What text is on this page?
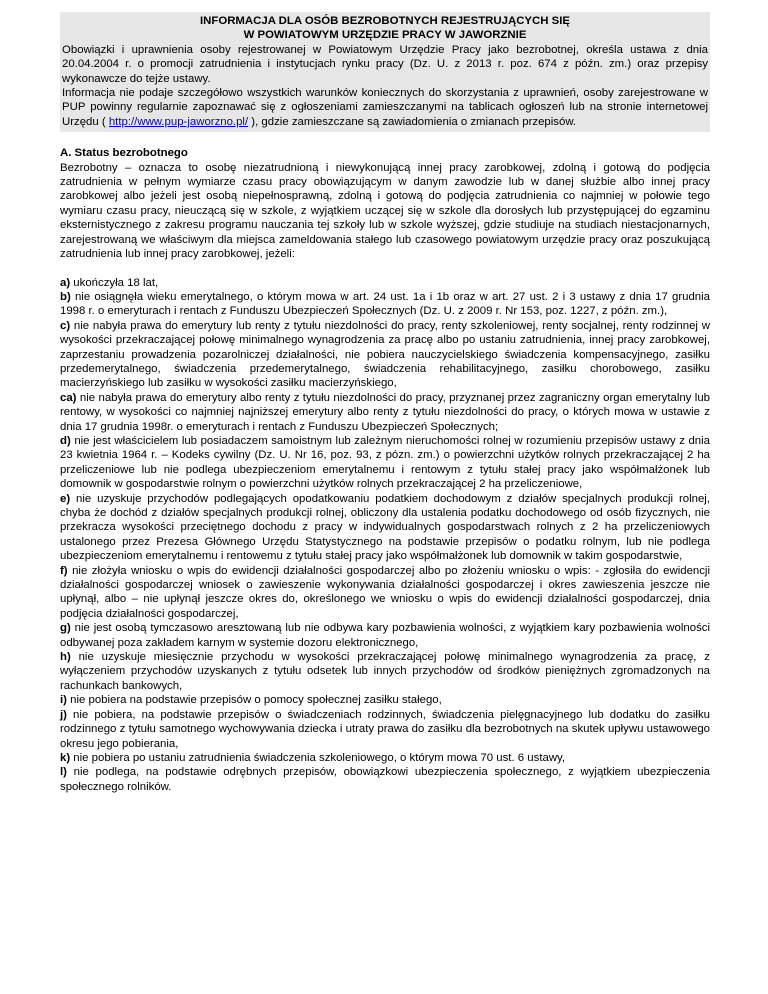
INFORMACJA DLA OSÓB BEZROBOTNYCH REJESTRUJĄCYCH SIĘ

W POWIATOWYM URZĘDZIE PRACY W JAWORZNIE

Obowiązki i uprawnienia osoby rejestrowanej w Powiatowym Urzędzie Pracy jako bezrobotnej, określa ustawa z dnia 20.04.2004 r. o promocji zatrudnienia i instytucjach rynku pracy (Dz. U. z 2013 r. poz. 674 z późn. zm.) oraz przepisy wykonawcze do tejże ustawy.

Informacja nie podaje szczegółowo wszystkich warunków koniecznych do skorzystania z uprawnień, osoby zarejestrowane w PUP powinny regularnie zapoznawać się z ogłoszeniami zamieszczanymi na tablicach ogłoszeń lub na stronie internetowej Urzędu ( http://www.pup-jaworzno.pl/ ), gdzie zamieszczane są zawiadomienia o zmianach przepisów.

A. Status bezrobotnego

Bezrobotny – oznacza to osobę niezatrudnioną i niewykonującą innej pracy zarobkowej, zdolną i gotową do podjęcia zatrudnienia w pełnym wymiarze czasu pracy obowiązującym w danym zawodzie lub w danej służbie albo innej pracy zarobkowej albo jeżeli jest osobą niepełnosprawną, zdolną i gotową do podjęcia zatrudnienia co najmniej w połowie tego wymiaru czasu pracy, nieuczącą się w szkole, z wyjątkiem uczącej się w szkole dla dorosłych lub przystępującej do egzaminu eksternistycznego z zakresu programu nauczania tej szkoły lub w szkole wyższej, gdzie studiuje na studiach niestacjonarnych, zarejestrowaną we właściwym dla miejsca zameldowania stałego lub czasowego powiatowym urzędzie pracy oraz poszukującą zatrudnienia lub innej pracy zarobkowej, jeżeli:

a) ukończyła 18 lat,

b) nie osiągnęła wieku emerytalnego, o którym mowa w art. 24 ust. 1a i 1b oraz w art. 27 ust. 2 i 3 ustawy z dnia 17 grudnia 1998 r. o emeryturach i rentach z Funduszu Ubezpieczeń Społecznych (Dz. U. z 2009 r. Nr 153, poz. 1227, z późn. zm.),

c) nie nabyła prawa do emerytury lub renty z tytułu niezdolności do pracy, renty szkoleniowej, renty socjalnej, renty rodzinnej w wysokości przekraczającej połowę minimalnego wynagrodzenia za pracę albo po ustaniu zatrudnienia, innej pracy zarobkowej, zaprzestaniu prowadzenia pozarolniczej działalności, nie pobiera nauczycielskiego świadczenia kompensacyjnego, zasiłku przedemerytalnego, świadczenia przedemerytalnego, świadczenia rehabilitacyjnego, zasiłku chorobowego, zasiłku macierzyńskiego lub zasiłku w wysokości zasiłku macierzyńskiego,

ca) nie nabyła prawa do emerytury albo renty z tytułu niezdolności do pracy, przyznanej przez zagraniczny organ emerytalny lub rentowy, w wysokości co najmniej najniższej emerytury albo renty z tytułu niezdolności do pracy, o których mowa w ustawie z dnia 17 grudnia 1998r. o emeryturach i rentach z Funduszu Ubezpieczeń Społecznych;

d) nie jest właścicielem lub posiadaczem samoistnym lub zależnym nieruchomości rolnej w rozumieniu przepisów ustawy z dnia 23 kwietnia 1964 r. – Kodeks cywilny (Dz. U. Nr 16, poz. 93, z pózn. zm.) o powierzchni użytków rolnych przekraczającej 2 ha przeliczeniowe lub nie podlega ubezpieczeniom emerytalnemu i rentowym z tytułu stałej pracy jako współmałżonek lub domownik w gospodarstwie rolnym o powierzchni użytków rolnych przekraczającej 2 ha przeliczeniowe,

e) nie uzyskuje przychodów podlegających opodatkowaniu podatkiem dochodowym z działów specjalnych produkcji rolnej, chyba że dochód z działów specjalnych produkcji rolnej, obliczony dla ustalenia podatku dochodowego od osób fizycznych, nie przekracza wysokości przeciętnego dochodu z pracy w indywidualnych gospodarstwach rolnych z 2 ha przeliczeniowych ustalonego przez Prezesa Głównego Urzędu Statystycznego na podstawie przepisów o podatku rolnym, lub nie podlega ubezpieczeniom emerytalnemu i rentowemu z tytułu stałej pracy jako współmałżonek lub domownik w takim gospodarstwie,

f) nie złożyła wniosku o wpis do ewidencji działalności gospodarczej albo po złożeniu wniosku o wpis: - zgłosiła do ewidencji działalności gospodarczej wniosek o zawieszenie wykonywania działalności gospodarczej i okres zawieszenia jeszcze nie upłynął, albo – nie upłynął jeszcze okres do, określonego we wniosku o wpis do ewidencji działalności gospodarczej, dnia podjęcia działalności gospodarczej,

g) nie jest osobą tymczasowo aresztowaną lub nie odbywa kary pozbawienia wolności, z wyjątkiem kary pozbawienia wolności odbywanej poza zakładem karnym w systemie dozoru elektronicznego,

h) nie uzyskuje miesięcznie przychodu w wysokości przekraczającej połowę minimalnego wynagrodzenia za pracę, z wyłączeniem przychodów uzyskanych z tytułu odsetek lub innych przychodów od środków pieniężnych zgromadzonych na rachunkach bankowych,

i) nie pobiera na podstawie przepisów o pomocy społecznej zasiłku stałego,

j) nie pobiera, na podstawie przepisów o świadczeniach rodzinnych, świadczenia pielęgnacyjnego lub dodatku do zasiłku rodzinnego z tytułu samotnego wychowywania dziecka i utraty prawa do zasiłku dla bezrobotnych na skutek upływu ustawowego okresu jego pobierania,

k) nie pobiera po ustaniu zatrudnienia świadczenia szkoleniowego, o którym mowa 70 ust. 6 ustawy,

l) nie podlega, na podstawie odrębnych przepisów, obowiązkowi ubezpieczenia społecznego, z wyjątkiem ubezpieczenia społecznego rolników.
